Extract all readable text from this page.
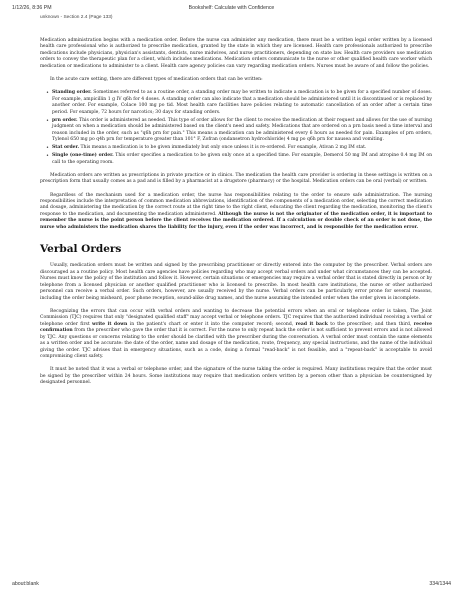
1/12/26, 8:36 PM	Bookshelf: Calculate with Confidence
unknown - Section 2.4 (Page 133)

Medication administration begins with a medication order. Before the nurse can administer any medication, there must be a written legal order written by a licensed health care professional who is authorized to prescribe medication, granted by the state in which they are licensed. Health care professionals authorized to prescribe medications include physicians, physician's assistants, dentists, nurse midwives, and nurse practitioners, depending on state law. Health care providers use medication orders to convey the therapeutic plan for a client, which includes medications. Medication orders communicate to the nurse or other qualified health care worker which medication or medications to administer to a client. Health care agency policies can vary regarding medication orders. Nurses must be aware of and follow the policies.

In the acute care setting, there are different types of medication orders that can be written:

• Standing order. Sometimes referred to as a routine order, a standing order may be written to indicate a medication is to be given for a specified number of doses. For example, ampicillin 1 g IV q6h for 4 doses. A standing order can also indicate that a medication should be administered until it is discontinued or is replaced by another order. For example, Colace 100 mg po tid. Most health care facilities have policies relating to automatic cancellation of an order after a certain time period. For example, 72 hours for narcotics; 30 days for standing orders.
• prn order. This order is administered as needed. This type of order allows for the client to receive the medication at their request and allows for the use of nursing judgment on when a medication should be administered based on the client's need and safety. Medications that are ordered on a prn basis need a time interval and reason included in the order, such as "q6h prn for pain." This means a medication can be administered every 6 hours as needed for pain. Examples of prn orders, Tylenol 650 mg po q4h prn for temperature greater than 101° F, Zofran (ondansetron hydrochloride) 4 mg po q6h prn for nausea and vomiting.
• Stat order. This means a medication is to be given immediately but only once unless it is re-ordered. For example, Ativan 2 mg IM stat.
• Single (one-time) order. This order specifies a medication to be given only once at a specified time. For example, Demerol 50 mg IM and atropine 0.4 mg IM on call to the operating room.

Medication orders are written as prescriptions in private practice or in clinics. The medication the health care provider is ordering in these settings is written on a prescription form that usually comes as a pad and is filled by a pharmacist at a drugstore (pharmacy) or the hospital. Medication orders can be oral (verbal) or written.

Regardless of the mechanism used for a medication order, the nurse has responsibilities relating to the order to ensure safe administration. The nursing responsibilities include the interpretation of common medication abbreviations, identification of the components of a medication order, selecting the correct medication and dosage, administering the medication by the correct route at the right time to the right client, educating the client regarding the medication, monitoring the client's response to the medication, and documenting the medication administered. Although the nurse is not the originator of the medication order, it is important to remember the nurse is the point person before the client receives the medication ordered. If a calculation or double check of an order is not done, the nurse who administers the medication shares the liability for the injury, even if the order was incorrect, and is responsible for the medication error.

Verbal Orders

Usually, medication orders must be written and signed by the prescribing practitioner or directly entered into the computer by the prescriber. Verbal orders are discouraged as a routine policy. Most health care agencies have policies regarding who may accept verbal orders and under what circumstances they can be accepted. Nurses must know the policy of the institution and follow it. However, certain situations or emergencies may require a verbal order that is stated directly in person or by telephone from a licensed physician or another qualified practitioner who is licensed to prescribe. In most health care institutions, the nurse or other authorized personnel can receive a verbal order. Such orders, however, are usually received by the nurse. Verbal orders can be particularly error prone for several reasons, including the order being misheard, poor phone reception, sound-alike drug names, and the nurse assuming the intended order when the order given is incomplete.

Recognizing the errors that can occur with verbal orders and wanting to decrease the potential errors when an oral or telephone order is taken, The Joint Commission (TJC) requires that only "designated qualified staff" may accept verbal or telephone orders. TJC requires that the authorized individual receiving a verbal or telephone order first write it down in the patient's chart or enter it into the computer record; second, read it back to the prescriber; and then third, receive confirmation from the prescriber who gave the order that it is correct. For the nurse to only repeat back the order is not sufficient to prevent errors and is not allowed by TJC. Any questions or concerns relating to the order should be clarified with the prescriber during the conversation. A verbal order must contain the same elements as a written order and be accurate: the date of the order, name and dosage of the medication, route, frequency, any special instructions, and the name of the individual giving the order. TJC advises that in emergency situations, such as a code, doing a formal "read-back" is not feasible, and a "repeat-back" is acceptable to avoid compromising client safety.

It must be noted that it was a verbal or telephone order, and the signature of the nurse taking the order is required. Many institutions require that the order must be signed by the prescriber within 24 hours. Some institutions may require that medication orders written by a person other than a physician be countersigned by designated personnel.

about:blank	334/1344
